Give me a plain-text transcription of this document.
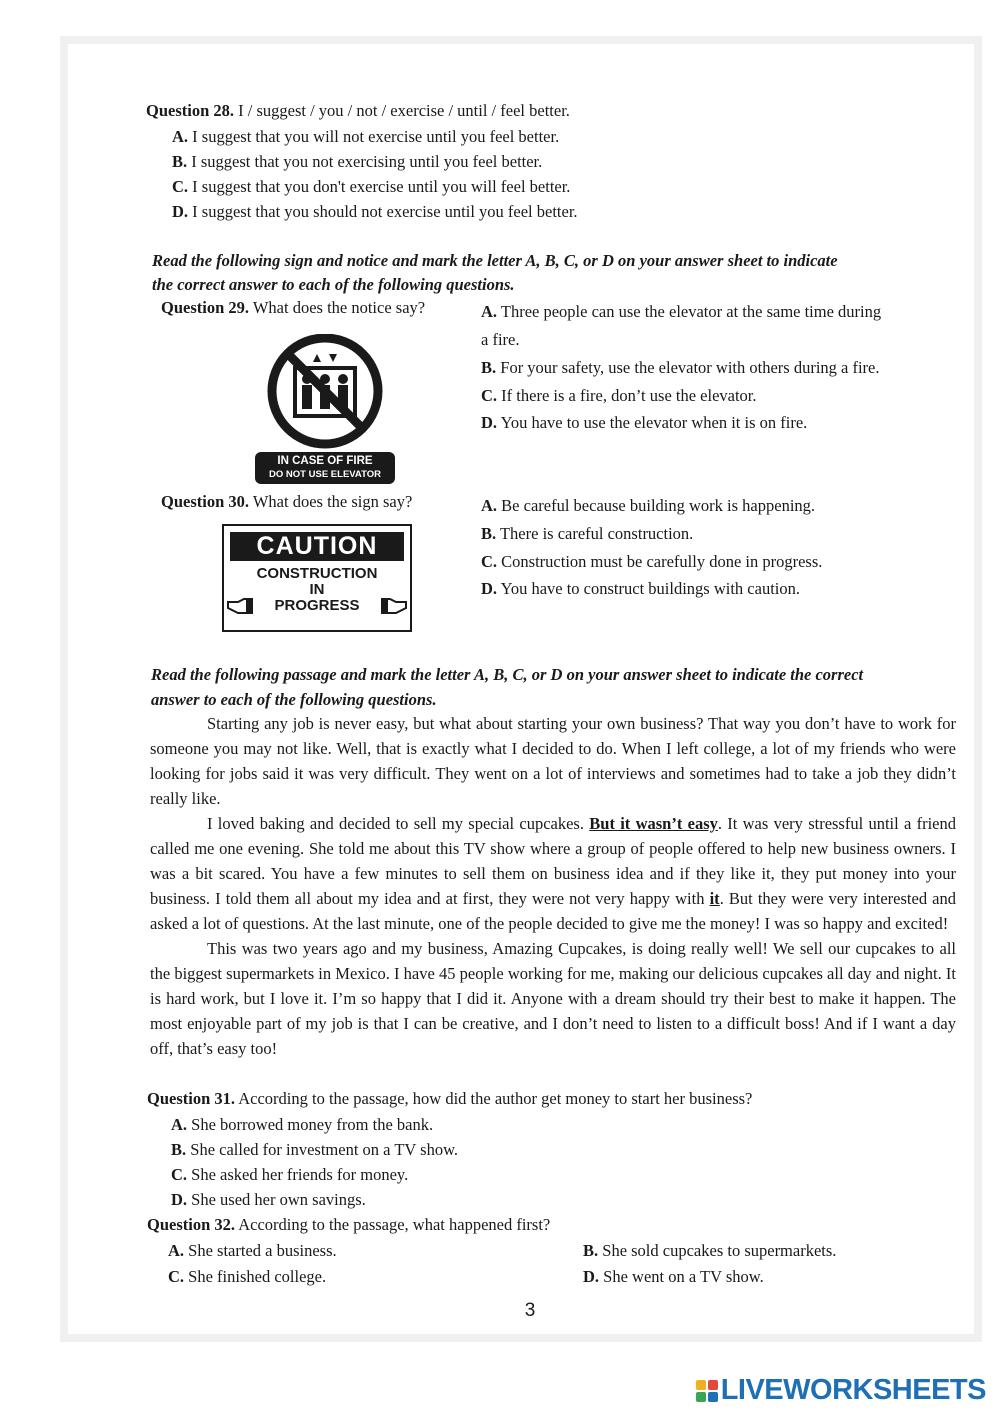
Question 28. I / suggest / you / not / exercise / until / feel better.
A. I suggest that you will not exercise until you feel better.
B. I suggest that you not exercising until you feel better.
C. I suggest that you don't exercise until you will feel better.
D. I suggest that you should not exercise until you feel better.
Read the following sign and notice and mark the letter A, B, C, or D on your answer sheet to indicate
the correct answer to each of the following questions.
Question 29. What does the notice say?
IN CASE OF FIRE
DO NOT USE ELEVATOR
A. Three people can use the elevator at the same time during
a fire.
B. For your safety, use the elevator with others during a fire.
C. If there is a fire, don’t use the elevator.
D. You have to use the elevator when it is on fire.
Question 30. What does the sign say?
CAUTION
CONSTRUCTION
IN
PROGRESS
A. Be careful because building work is happening.
B. There is careful construction.
C. Construction must be carefully done in progress.
D. You have to construct buildings with caution.
Read the following passage and mark the letter A, B, C, or D on your answer sheet to indicate the correct
answer to each of the following questions.

Starting any job is never easy, but what about starting your own business? That way you don’t have to work for someone you may not like. Well, that is exactly what I decided to do. When I left college, a lot of my friends who were looking for jobs said it was very difficult. They went on a lot of interviews and sometimes had to take a job they didn’t really like.

I loved baking and decided to sell my special cupcakes. But it wasn’t easy. It was very stressful until a friend called me one evening. She told me about this TV show where a group of people offered to help new business owners. I was a bit scared. You have a few minutes to sell them on business idea and if they like it, they put money into your business. I told them all about my idea and at first, they were not very happy with it. But they were very interested and asked a lot of questions. At the last minute, one of the people decided to give me the money! I was so happy and excited!

This was two years ago and my business, Amazing Cupcakes, is doing really well! We sell our cupcakes to all the biggest supermarkets in Mexico. I have 45 people working for me, making our delicious cupcakes all day and night. It is hard work, but I love it. I’m so happy that I did it. Anyone with a dream should try their best to make it happen. The most enjoyable part of my job is that I can be creative, and I don’t need to listen to a difficult boss! And if I want a day off, that’s easy too!

Question 31. According to the passage, how did the author get money to start her business?
A. She borrowed money from the bank.
B. She called for investment on a TV show.
C. She asked her friends for money.
D. She used her own savings.
Question 32. According to the passage, what happened first?
A. She started a business.	B. She sold cupcakes to supermarkets.
C. She finished college.	D. She went on a TV show.
3
LIVEWORKSHEETS
